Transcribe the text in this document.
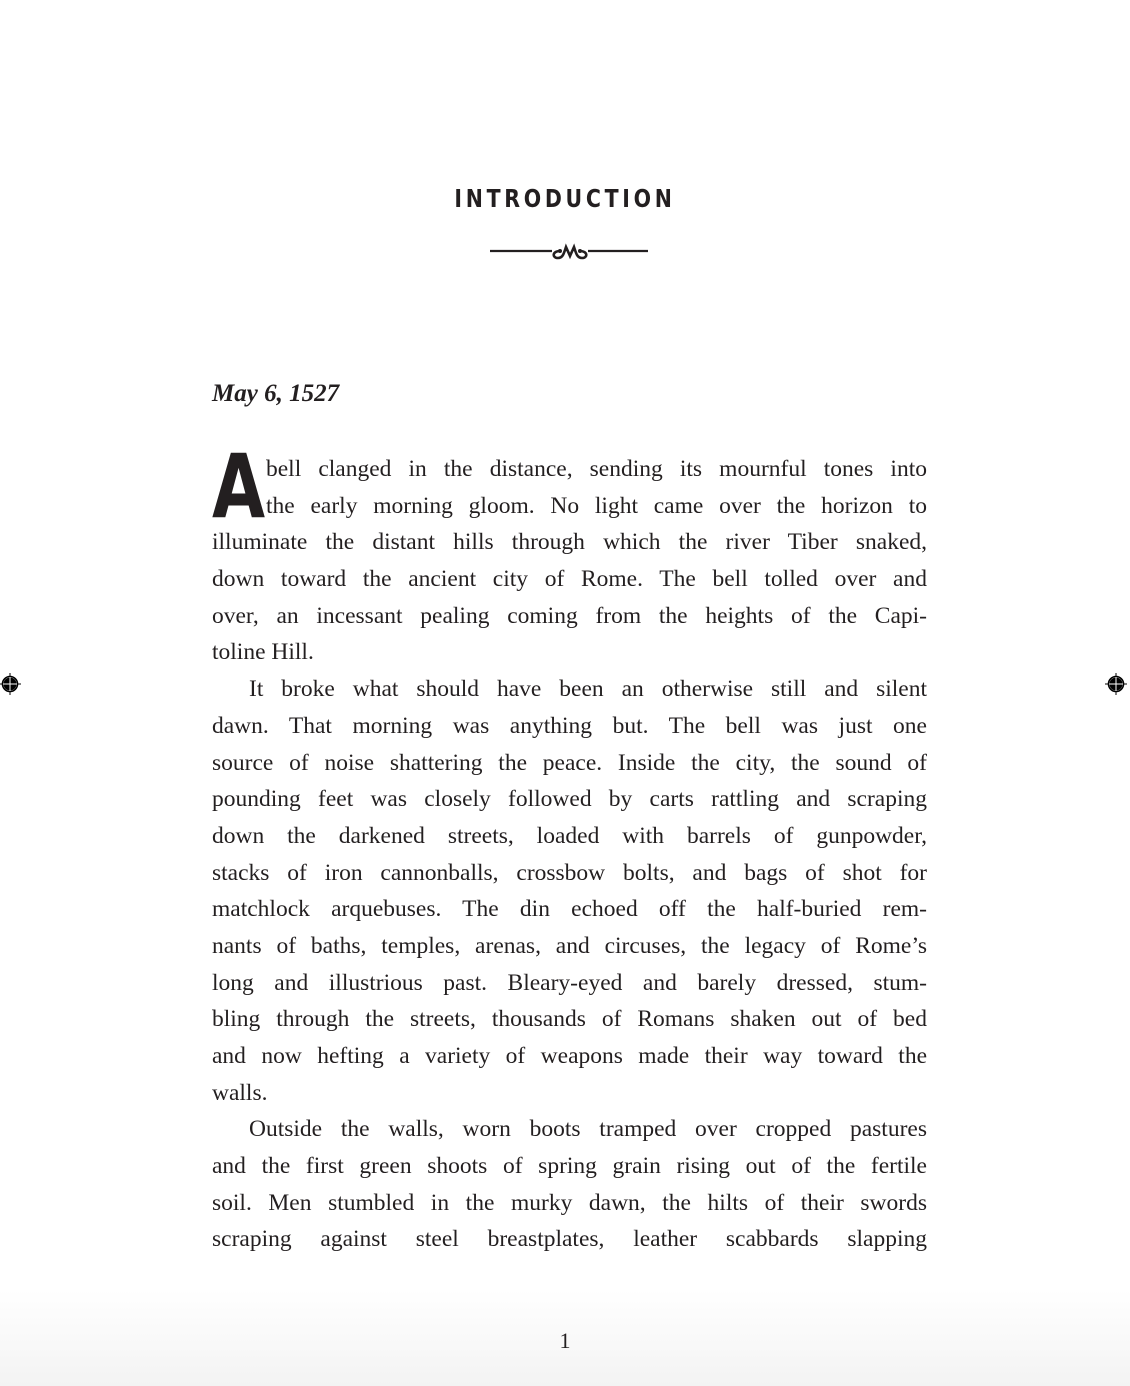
INTRODUCTION
May 6, 1527
A bell clanged in the distance, sending its mournful tones into
the early morning gloom. No light came over the horizon to
illuminate the distant hills through which the river Tiber snaked,
down toward the ancient city of Rome. The bell tolled over and
over, an incessant pealing coming from the heights of the Capi-
toline Hill.
It broke what should have been an otherwise still and silent
dawn. That morning was anything but. The bell was just one
source of noise shattering the peace. Inside the city, the sound of
pounding feet was closely followed by carts rattling and scraping
down the darkened streets, loaded with barrels of gunpowder,
stacks of iron cannonballs, crossbow bolts, and bags of shot for
matchlock arquebuses. The din echoed off the half-buried rem-
nants of baths, temples, arenas, and circuses, the legacy of Rome’s
long and illustrious past. Bleary-eyed and barely dressed, stum-
bling through the streets, thousands of Romans shaken out of bed
and now hefting a variety of weapons made their way toward the
walls.
Outside the walls, worn boots tramped over cropped pastures
and the first green shoots of spring grain rising out of the fertile
soil. Men stumbled in the murky dawn, the hilts of their swords
scraping against steel breastplates, leather scabbards slapping
1
